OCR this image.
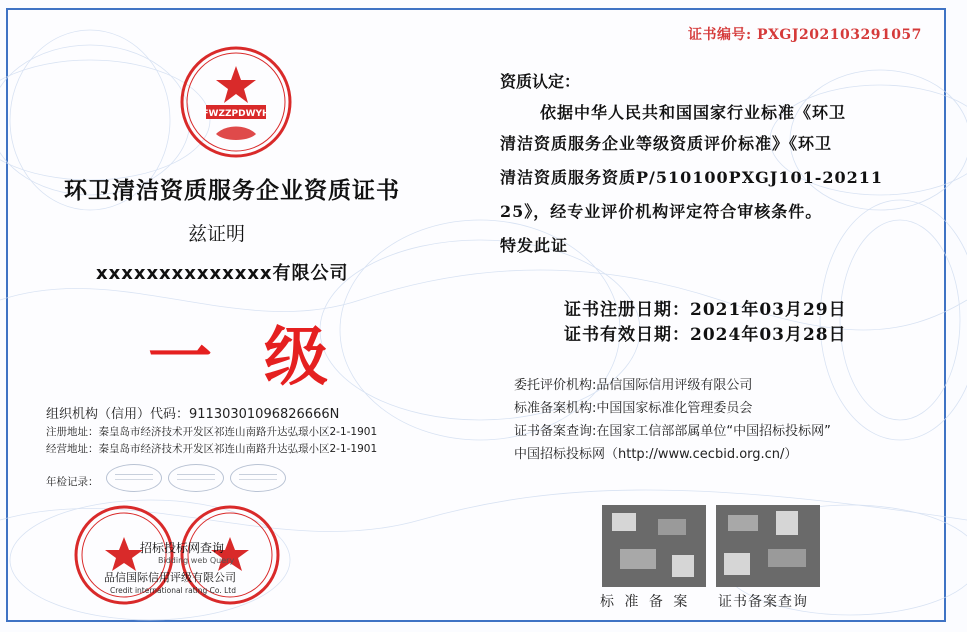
证书编号: PXGJ202103291057
FWZZPDWYH
环卫清洁资质服务企业资质证书
兹证明
xxxxxxxxxxxxxx有限公司
一级
组织机构（信用）代码：91130301096826666N
注册地址：秦皇岛市经济技术开发区祁连山南路升达弘璟小区2-1-1901
经营地址：秦皇岛市经济技术开发区祁连山南路升达弘璟小区2-1-1901
年检记录：
招标投标网查询
Bidding web Query
品信国际信用评级有限公司
Credit international rating Co. Ltd
资质认定：
依据中华人民共和国国家行业标准《环卫
清洁资质服务企业等级资质评价标准》《环卫
清洁资质服务资质P/510100PXGJ101-20211
25》，经专业评价机构评定符合审核条件。
特发此证
证书注册日期：2021年03月29日
证书有效日期：2024年03月28日
委托评价机构:品信国际信用评级有限公司
标准备案机构:中国国家标准化管理委员会
证书备案查询:在国家工信部部属单位“中国招标投标网”
中国招标投标网（http://www.cecbid.org.cn/）
标 准 备 案 证书备案查询
